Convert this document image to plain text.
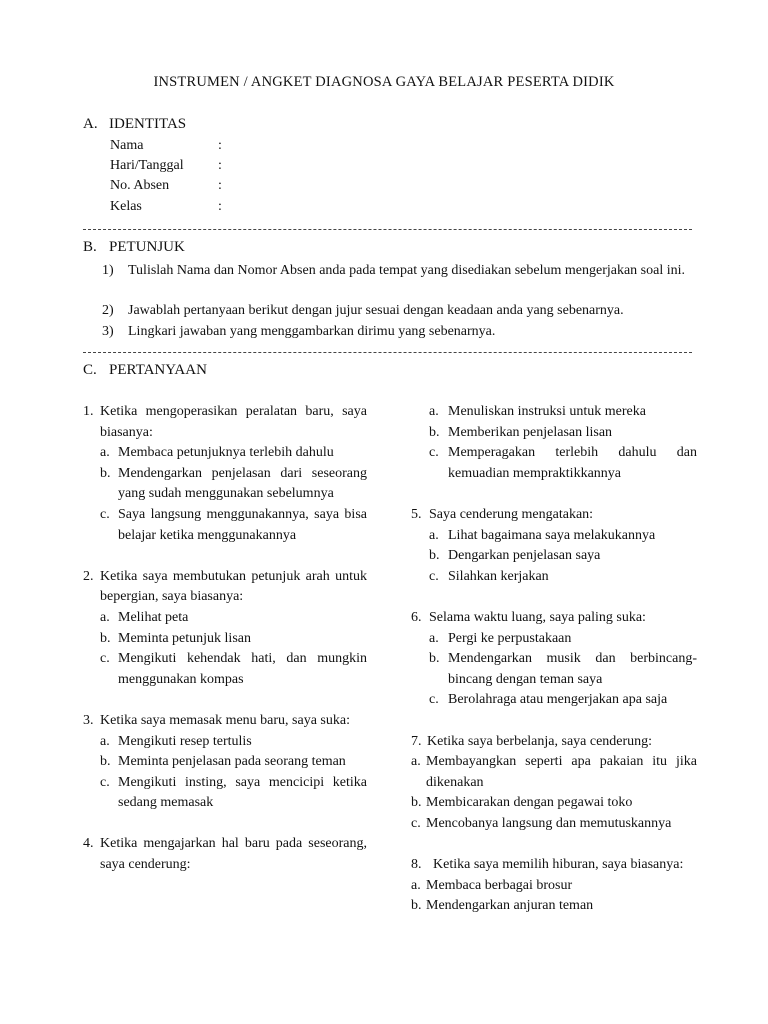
INSTRUMEN / ANGKET DIAGNOSA GAYA BELAJAR PESERTA DIDIK
A. IDENTITAS
Nama	:
Hari/Tanggal :
No. Absen	:
Kelas	:
B. PETUNJUK
1)	Tulislah Nama dan Nomor Absen anda pada tempat yang disediakan sebelum mengerjakan soal ini.
2)	Jawablah pertanyaan berikut dengan jujur sesuai dengan keadaan anda yang sebenarnya.
3)	Lingkari jawaban yang menggambarkan dirimu yang sebenarnya.
C. PERTANYAAN
1. Ketika mengoperasikan peralatan baru, saya biasanya:
a. Membaca petunjuknya terlebih dahulu
b. Mendengarkan penjelasan dari seseorang yang sudah menggunakan sebelumnya
c. Saya langsung menggunakannya, saya bisa belajar ketika menggunakannya
2. Ketika saya membutukan petunjuk arah untuk bepergian, saya biasanya:
a. Melihat peta
b. Meminta petunjuk lisan
c. Mengikuti kehendak hati, dan mungkin menggunakan kompas
3. Ketika saya memasak menu baru, saya suka:
a. Mengikuti resep tertulis
b. Meminta penjelasan pada seorang teman
c. Mengikuti insting, saya mencicipi ketika sedang memasak
4. Ketika mengajarkan hal baru pada seseorang, saya cenderung:
a. Menuliskan instruksi untuk mereka
b. Memberikan penjelasan lisan
c. Memperagakan terlebih dahulu dan kemuadian mempraktikkannya
5. Saya cenderung mengatakan:
a. Lihat bagaimana saya melakukannya
b. Dengarkan penjelasan saya
c. Silahkan kerjakan
6. Selama waktu luang, saya paling suka:
a. Pergi ke perpustakaan
b. Mendengarkan musik dan berbincang-bincang dengan teman saya
c. Berolahraga atau mengerjakan apa saja
7. Ketika saya berbelanja, saya cenderung:
a. Membayangkan seperti apa pakaian itu jika dikenakan
b. Membicarakan dengan pegawai toko
c. Mencobanya langsung dan memutuskannya
8. Ketika saya memilih hiburan, saya biasanya:
a. Membaca berbagai brosur
b. Mendengarkan anjuran teman
